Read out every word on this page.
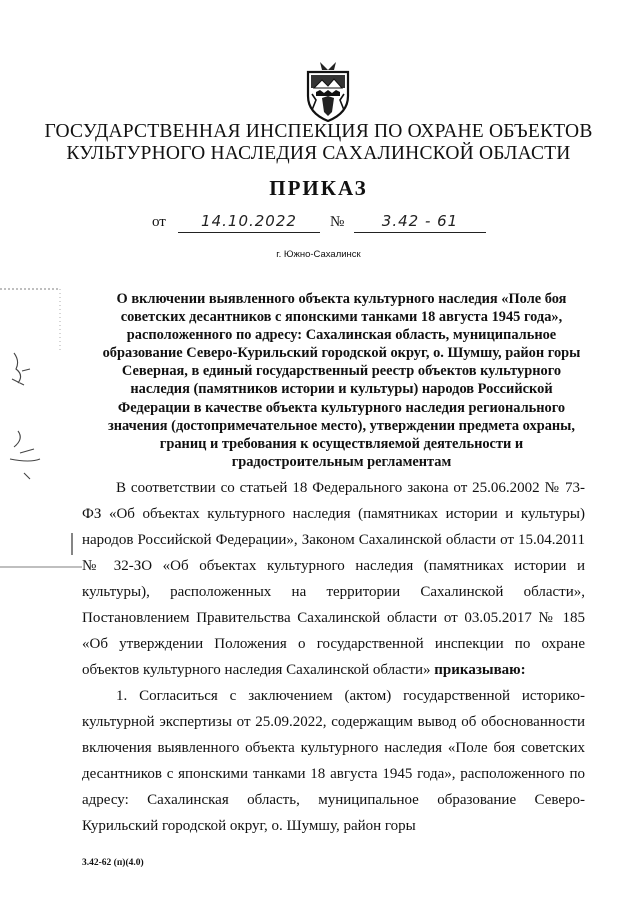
ГОСУДАРСТВЕННАЯ ИНСПЕКЦИЯ ПО ОХРАНЕ ОБЪЕКТОВ
КУЛЬТУРНОГО НАСЛЕДИЯ САХАЛИНСКОЙ ОБЛАСТИ
ПРИКАЗ
от	14.10.2022	№	3.42 - 61
г. Южно-Сахалинск
О включении выявленного объекта культурного наследия «Поле боя советских десантников с японскими танками 18 августа 1945 года», расположенного по адресу: Сахалинская область, муниципальное образование Северо-Курильский городской округ, о. Шумшу, район горы Северная, в единый государственный реестр объектов культурного наследия (памятников истории и культуры) народов Российской Федерации в качестве объекта культурного наследия регионального значения (достопримечательное место), утверждении предмета охраны, границ и требования к осуществляемой деятельности и градостроительным регламентам

В соответствии со статьей 18 Федерального закона от 25.06.2002 № 73-ФЗ «Об объектах культурного наследия (памятниках истории и культуры) народов Российской Федерации», Законом Сахалинской области от 15.04.2011 № 32-ЗО «Об объектах культурного наследия (памятниках истории и культуры), расположенных на территории Сахалинской области», Постановлением Правительства Сахалинской области от 03.05.2017 № 185 «Об утверждении Положения о государственной инспекции по охране объектов культурного наследия Сахалинской области» приказываю:

1. Согласиться с заключением (актом) государственной историко-культурной экспертизы от 25.09.2022, содержащим вывод об обоснованности включения выявленного объекта культурного наследия «Поле боя советских десантников с японскими танками 18 августа 1945 года», расположенного по адресу: Сахалинская область, муниципальное образование Северо-Курильский городской округ, о. Шумшу, район горы

3.42-62 (п)(4.0)
